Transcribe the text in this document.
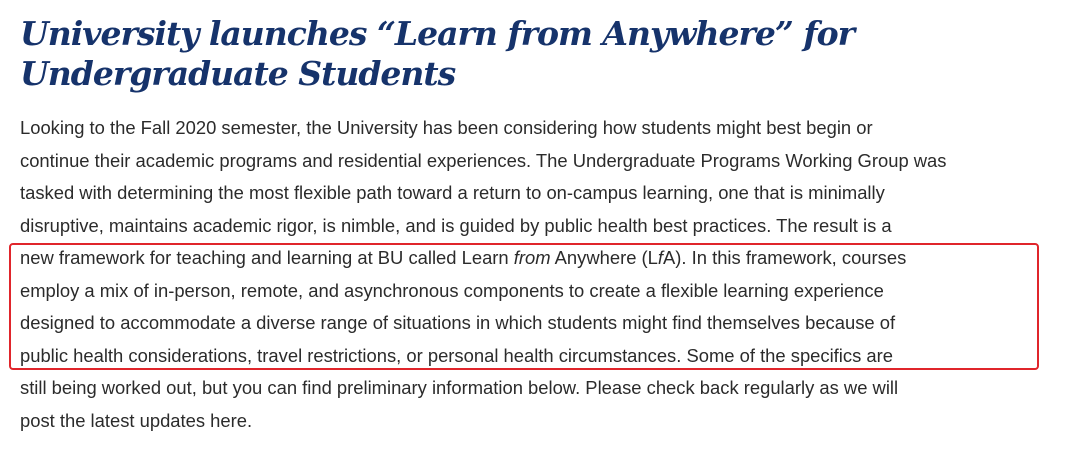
University launches “Learn from Anywhere” for
Undergraduate Students
Looking to the Fall 2020 semester, the University has been considering how students might best begin or
continue their academic programs and residential experiences. The Undergraduate Programs Working Group was
tasked with determining the most flexible path toward a return to on-campus learning, one that is minimally
disruptive, maintains academic rigor, is nimble, and is guided by public health best practices. The result is a
new framework for teaching and learning at BU called Learn from Anywhere (LfA). In this framework, courses
employ a mix of in-person, remote, and asynchronous components to create a flexible learning experience
designed to accommodate a diverse range of situations in which students might find themselves because of
public health considerations, travel restrictions, or personal health circumstances. Some of the specifics are
still being worked out, but you can find preliminary information below. Please check back regularly as we will
post the latest updates here.
